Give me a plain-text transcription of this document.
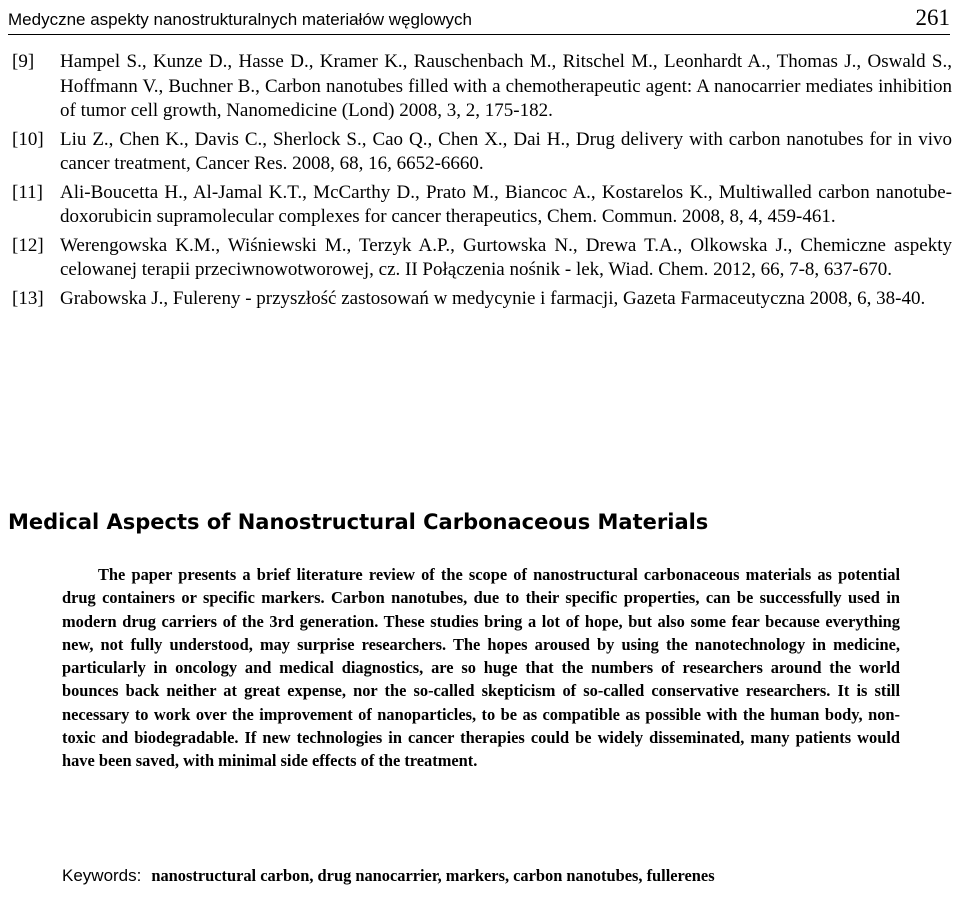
Medyczne aspekty nanostrukturalnych materiałów węglowych	261
[9]	Hampel S., Kunze D., Hasse D., Kramer K., Rauschenbach M., Ritschel M., Leonhardt A., Thomas J., Oswald S., Hoffmann V., Buchner B., Carbon nanotubes filled with a chemotherapeutic agent: A nanocarrier mediates inhibition of tumor cell growth, Nanomedicine (Lond) 2008, 3, 2, 175-182.
[10] Liu Z., Chen K., Davis C., Sherlock S., Cao Q., Chen X., Dai H., Drug delivery with carbon nanotubes for in vivo cancer treatment, Cancer Res. 2008, 68, 16, 6652-6660.
[11] Ali-Boucetta H., Al-Jamal K.T., McCarthy D., Prato M., Biancoc A., Kostarelos K., Multiwalled carbon nanotube-doxorubicin supramolecular complexes for cancer therapeutics, Chem. Commun. 2008, 8, 4, 459-461.
[12] Werengowska K.M., Wiśniewski M., Terzyk A.P., Gurtowska N., Drewa T.A., Olkowska J., Chemiczne aspekty celowanej terapii przeciwnowotworowej, cz. II Połączenia nośnik - lek, Wiad. Chem. 2012, 66, 7-8, 637-670.
[13] Grabowska J., Fulereny - przyszłość zastosowań w medycynie i farmacji, Gazeta Farmaceutyczna 2008, 6, 38-40.
Medical Aspects of Nanostructural Carbonaceous Materials

The paper presents a brief literature review of the scope of nanostructural carbonaceous materials as potential drug containers or specific markers. Carbon nanotubes, due to their specific properties, can be successfully used in modern drug carriers of the 3rd generation. These studies bring a lot of hope, but also some fear because everything new, not fully understood, may surprise researchers. The hopes aroused by using the nanotechnology in medicine, particularly in oncology and medical diagnostics, are so huge that the numbers of researchers around the world bounces back neither at great expense, nor the so-called skepticism of so-called conservative researchers. It is still necessary to work over the improvement of nanoparticles, to be as compatible as possible with the human body, non-toxic and biodegradable. If new technologies in cancer therapies could be widely disseminated, many patients would have been saved, with minimal side effects of the treatment.

Keywords: nanostructural carbon, drug nanocarrier, markers, carbon nanotubes, fullerenes
